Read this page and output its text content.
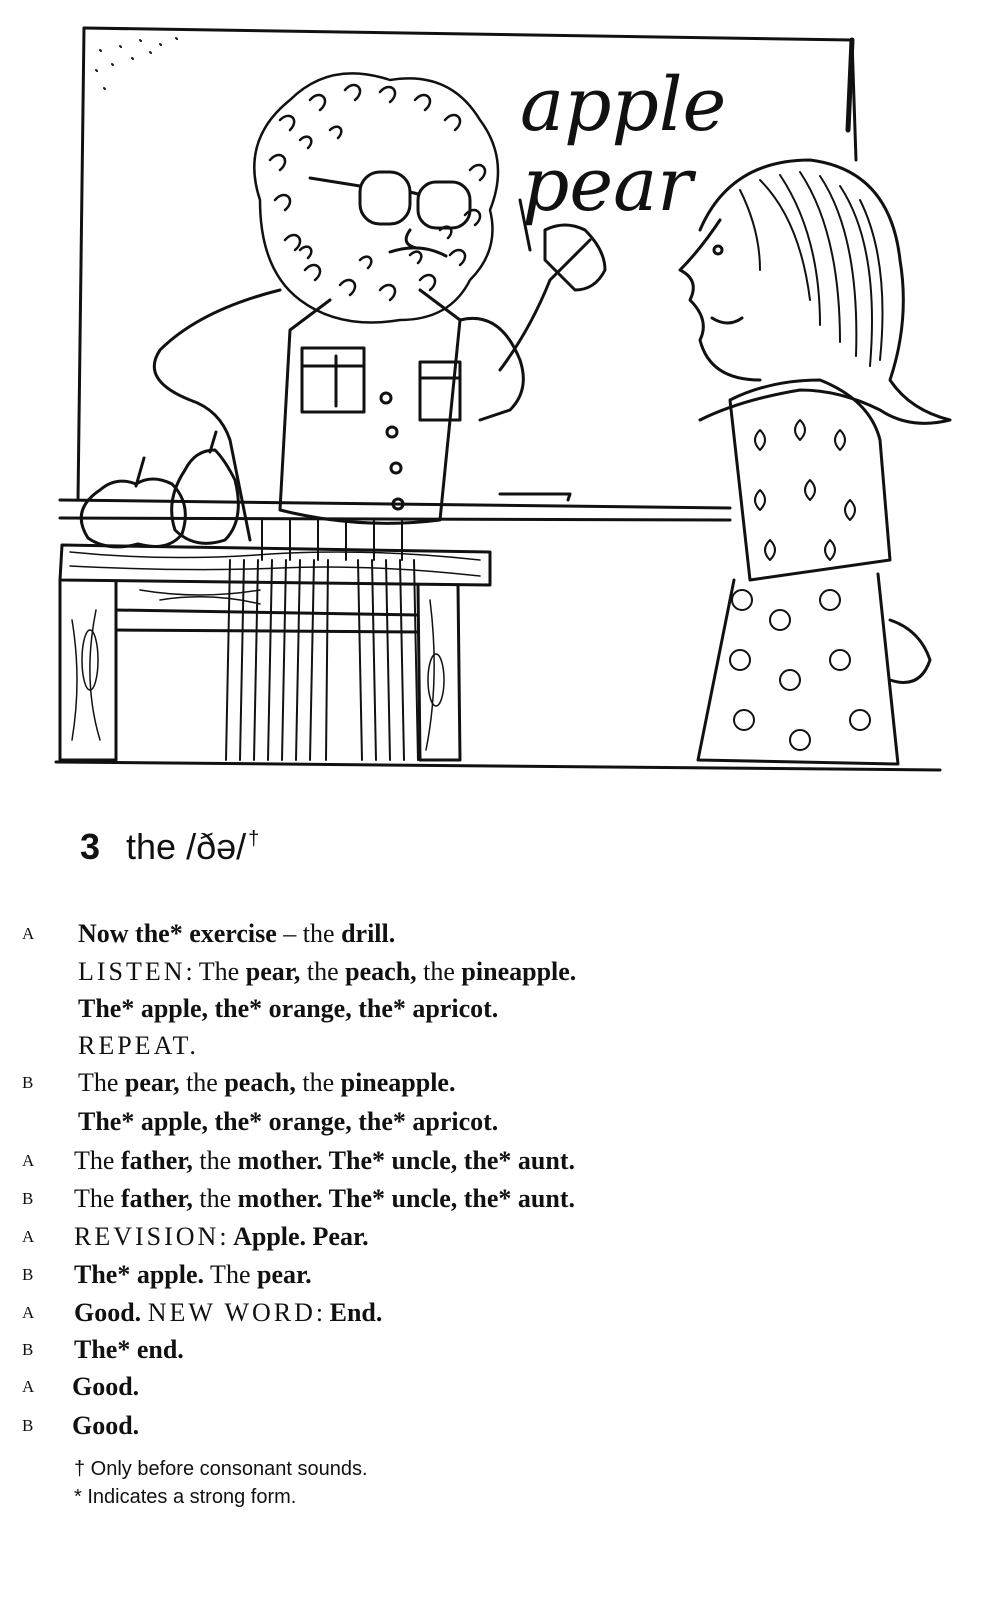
apple
pear
3 the /ðə/ †
A Now the* exercise – the drill.
LISTEN: The pear, the peach, the pineapple.
The* apple, the* orange, the* apricot.
REPEAT.
B The pear, the peach, the pineapple.
The* apple, the* orange, the* apricot.
A The father, the mother. The* uncle, the* aunt.
B The father, the mother. The* uncle, the* aunt.
A REVISION: Apple. Pear.
B The* apple. The pear.
A Good. NEW WORD: End.
B The* end.
A Good.
B Good.
† Only before consonant sounds.
* Indicates a strong form.
